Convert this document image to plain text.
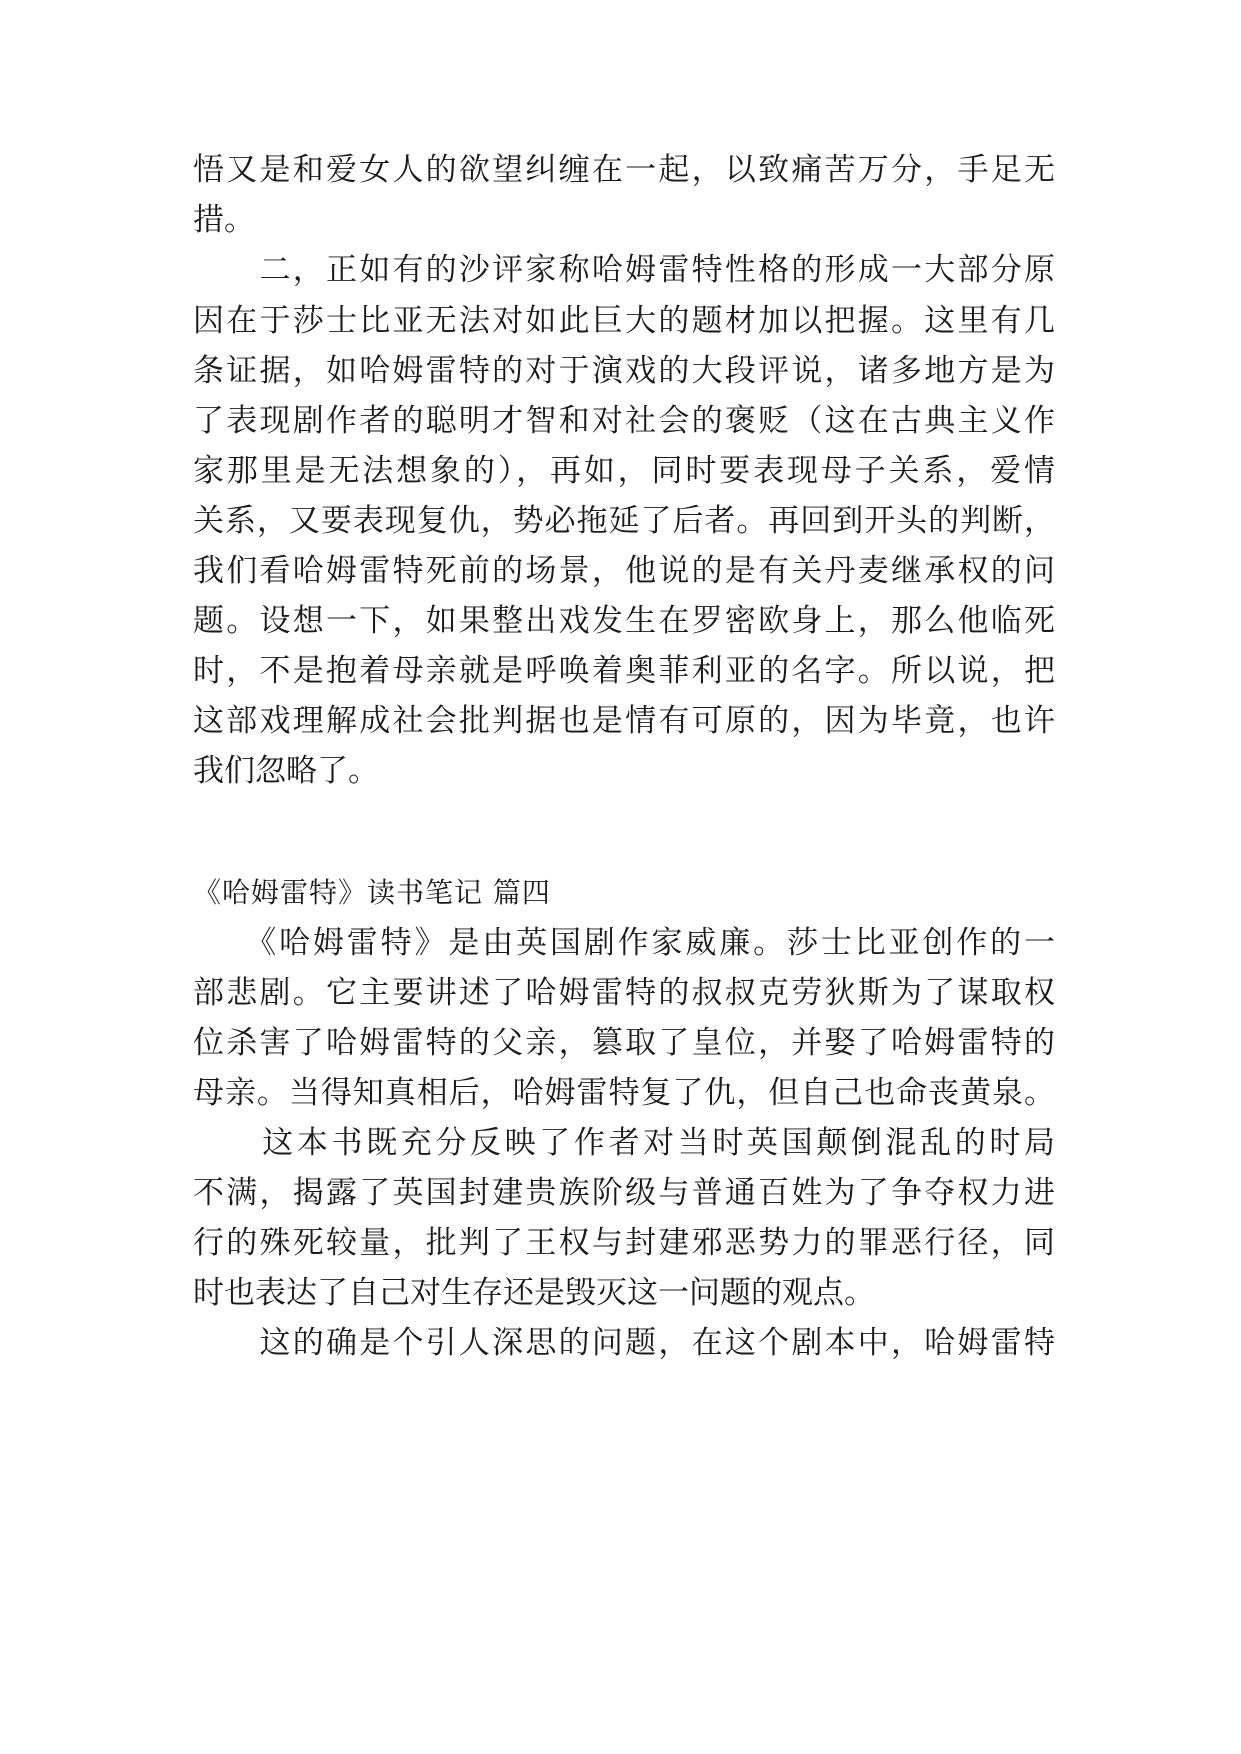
悟又是和爱女人的欲望纠缠在一起，以致痛苦万分，手足无
措。
　　二，正如有的沙评家称哈姆雷特性格的形成一大部分原
因在于莎士比亚无法对如此巨大的题材加以把握。这里有几
条证据，如哈姆雷特的对于演戏的大段评说，诸多地方是为
了表现剧作者的聪明才智和对社会的褒贬（这在古典主义作
家那里是无法想象的），再如，同时要表现母子关系，爱情
关系，又要表现复仇，势必拖延了后者。再回到开头的判断，
我们看哈姆雷特死前的场景，他说的是有关丹麦继承权的问
题。设想一下，如果整出戏发生在罗密欧身上，那么他临死
时，不是抱着母亲就是呼唤着奥菲利亚的名字。所以说，把
这部戏理解成社会批判据也是情有可原的，因为毕竟，也许
我们忽略了。
《哈姆雷特》读书笔记 篇四
　　《哈姆雷特》是由英国剧作家威廉。莎士比亚创作的一
部悲剧。它主要讲述了哈姆雷特的叔叔克劳狄斯为了谋取权
位杀害了哈姆雷特的父亲，篡取了皇位，并娶了哈姆雷特的
母亲。当得知真相后，哈姆雷特复了仇，但自己也命丧黄泉。
　　这本书既充分反映了作者对当时英国颠倒混乱的时局
不满，揭露了英国封建贵族阶级与普通百姓为了争夺权力进
行的殊死较量，批判了王权与封建邪恶势力的罪恶行径，同
时也表达了自己对生存还是毁灭这一问题的观点。
　　这的确是个引人深思的问题，在这个剧本中，哈姆雷特
